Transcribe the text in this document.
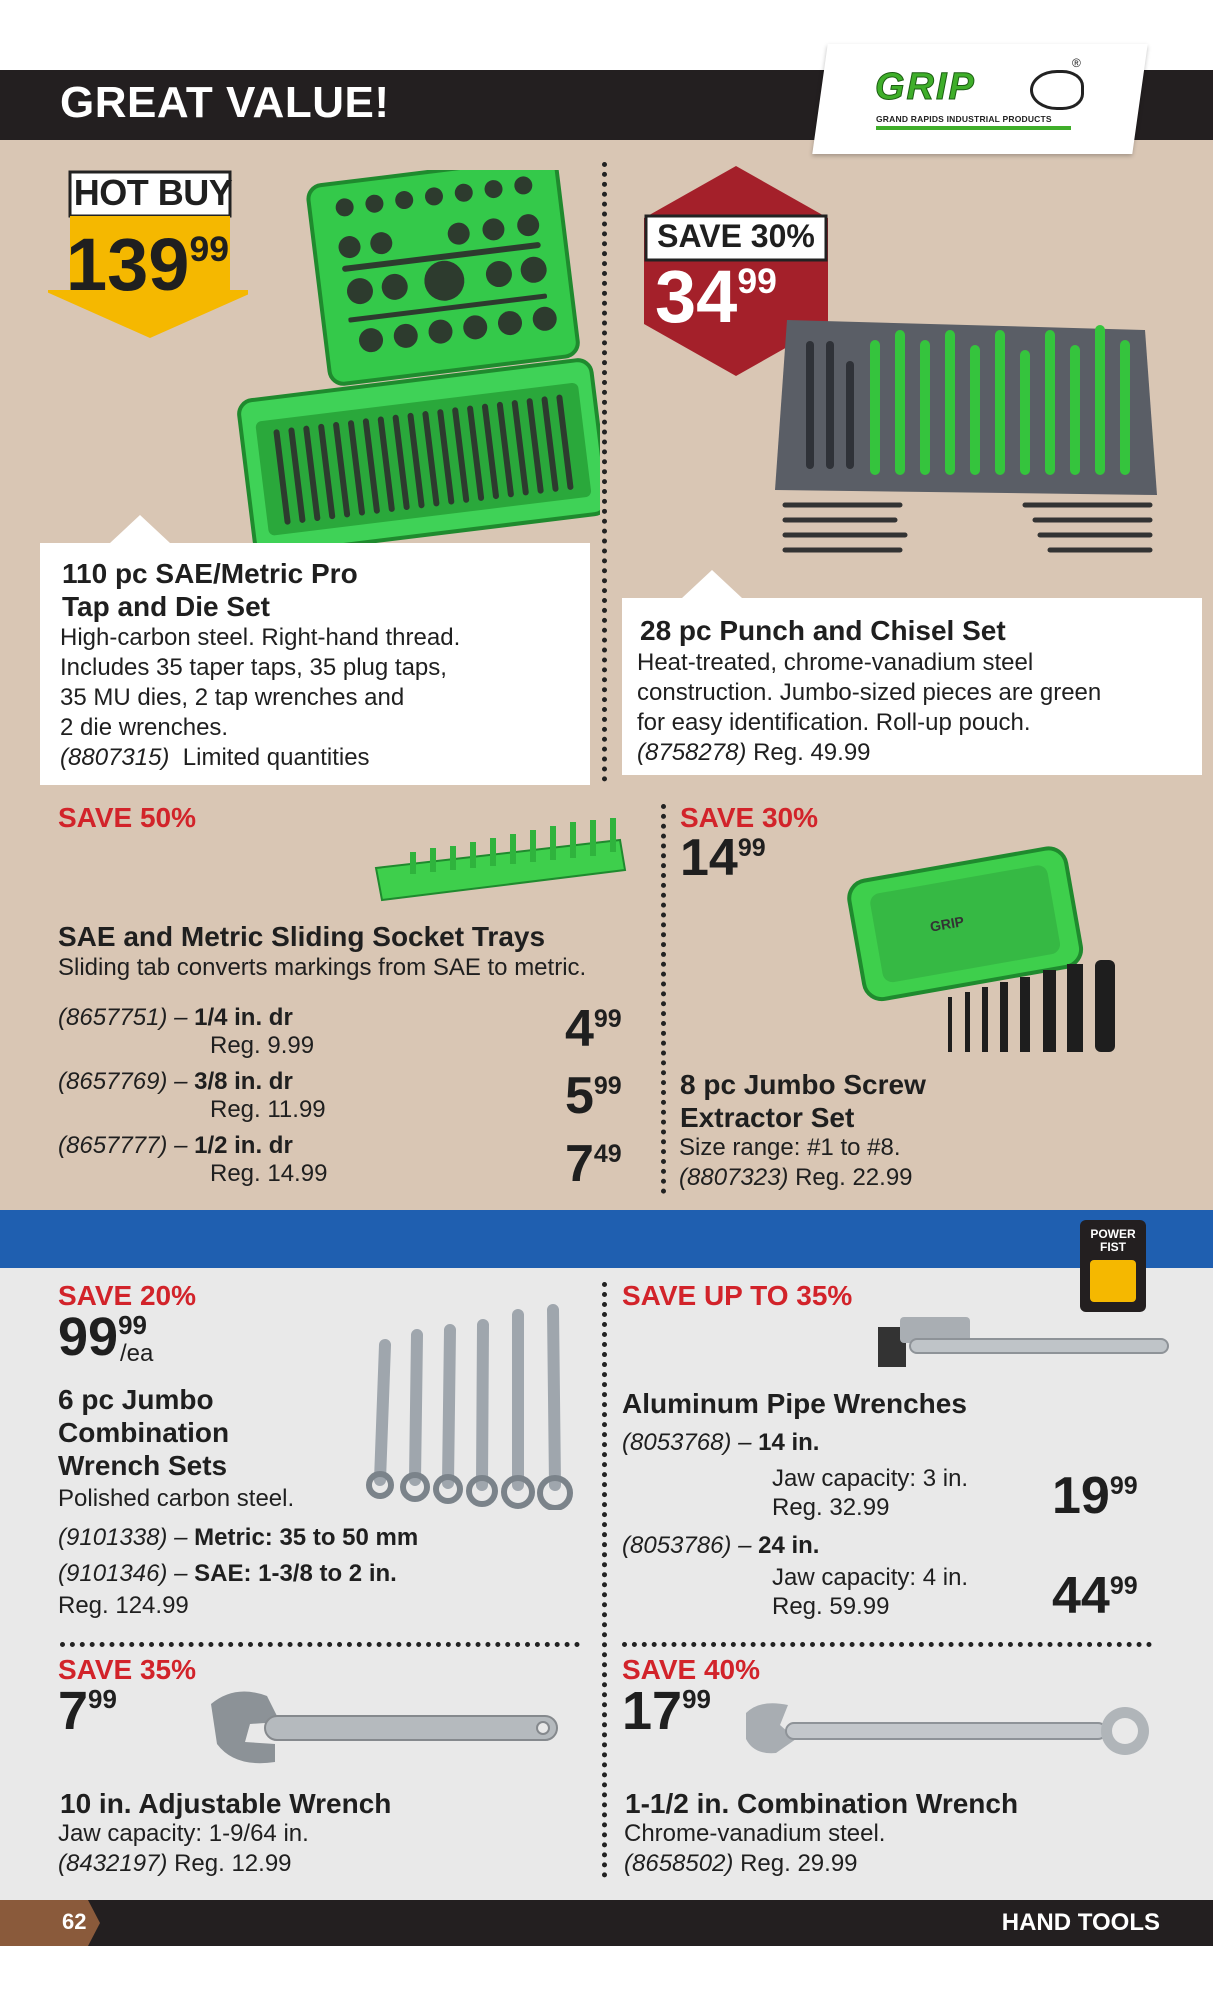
GREAT VALUE!	GRIP
®
GRAND RAPIDS INDUSTRIAL PRODUCTS
HOT BUY
$139^{99}$
110 pc SAE/Metric Pro
Tap and Die Set
High-carbon steel. Right-hand thread.
Includes 35 taper taps, 35 plug taps,
35 MU dies, 2 tap wrenches and
2 die wrenches.
(8807315) Limited quantities
SAVE 30%
$34^{99}$
28 pc Punch and Chisel Set
Heat-treated, chrome-vanadium steel
construction. Jumbo-sized pieces are green
for easy identification. Roll-up pouch.
(8758278) Reg. 49.99
SAVE 50%
SAE and Metric Sliding Socket Trays
Sliding tab converts markings from SAE to metric.
(8657751) – 1/4 in. dr
Reg. 9.99	$4^{99}$
(8657769) – 3/8 in. dr
Reg. 11.99	$5^{99}$
(8657777) – 1/2 in. dr
Reg. 14.99	$7^{49}$
SAVE 30%
$14^{99}$
GRIP
8 pc Jumbo Screw
Extractor Set
Size range: #1 to #8.
(8807323) Reg. 22.99
POWER
FIST
SAVE 20%
$99^{99}$
/ea
6 pc Jumbo
Combination
Wrench Sets
Polished carbon steel.
(9101338) – Metric: 35 to 50 mm
(9101346) – SAE: 1-3/8 to 2 in.
Reg. 124.99
SAVE UP TO 35%
Aluminum Pipe Wrenches
(8053768) – 14 in.
Jaw capacity: 3 in.
Reg. 32.99	$19^{99}$
(8053786) – 24 in.
Jaw capacity: 4 in.
Reg. 59.99	$44^{99}$
SAVE 35%
$7^{99}$
10 in. Adjustable Wrench
Jaw capacity: 1-9/64 in.
(8432197) Reg. 12.99
SAVE 40%
$17^{99}$
1-1/2 in. Combination Wrench
Chrome-vanadium steel.
(8658502) Reg. 29.99
62	HAND TOOLS
